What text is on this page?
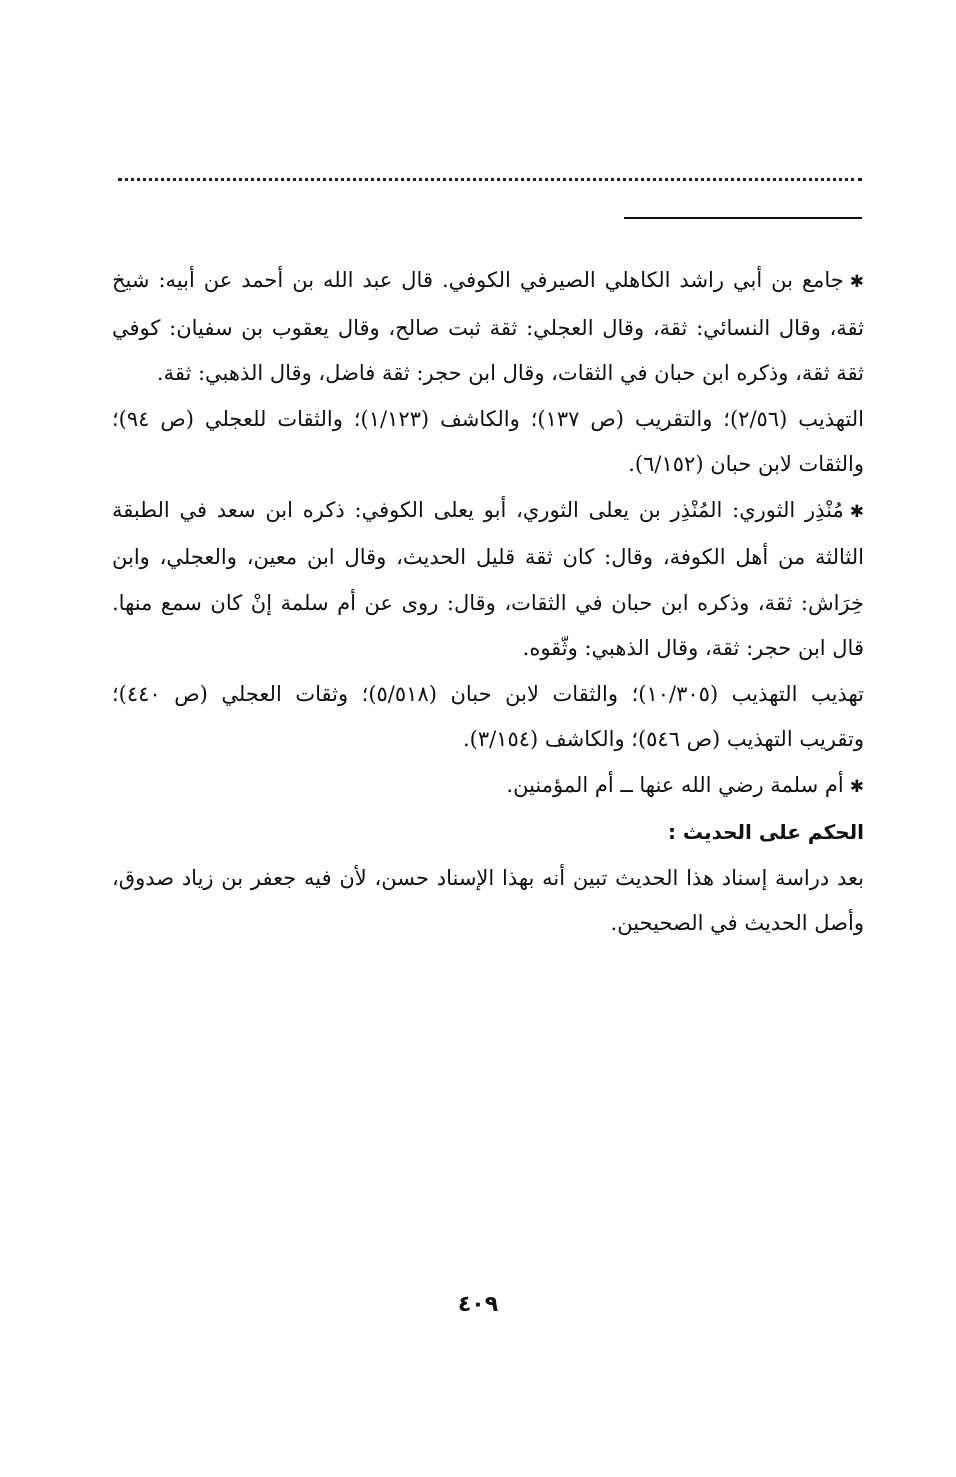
✱جامع بن أبي راشد الكاهلي الصيرفي الكوفي. قال عبد الله بن أحمد عن أبيه: شيخ ثقة، وقال النسائي: ثقة، وقال العجلي: ثقة ثبت صالح، وقال يعقوب بن سفيان: كوفي ثقة ثقة، وذكره ابن حبان في الثقات، وقال ابن حجر: ثقة فاضل، وقال الذهبي: ثقة.

التهذيب (٢/٥٦)؛ والتقريب (ص ١٣٧)؛ والكاشف (١/١٢٣)؛ والثقات للعجلي (ص ٩٤)؛ والثقات لابن حبان (٦/١٥٢).

✱مُنْذِر الثوري: المُنْذِر بن يعلى الثوري، أبو يعلى الكوفي: ذكره ابن سعد في الطبقة الثالثة من أهل الكوفة، وقال: كان ثقة قليل الحديث، وقال ابن معين، والعجلي، وابن خِرَاش: ثقة، وذكره ابن حبان في الثقات، وقال: روى عن أم سلمة إنْ كان سمع منها. قال ابن حجر: ثقة، وقال الذهبي: وثّقوه.

تهذيب التهذيب (١٠/٣٠٥)؛ والثقات لابن حبان (٥/٥١٨)؛ وثقات العجلي (ص ٤٤٠)؛ وتقريب التهذيب (ص ٥٤٦)؛ والكاشف (٣/١٥٤).

✱أم سلمة رضي الله عنها ــ أم المؤمنين.

الحكم على الحديث :

بعد دراسة إسناد هذا الحديث تبين أنه بهذا الإسناد حسن، لأن فيه جعفر بن زياد صدوق، وأصل الحديث في الصحيحين.

٤٠٩
